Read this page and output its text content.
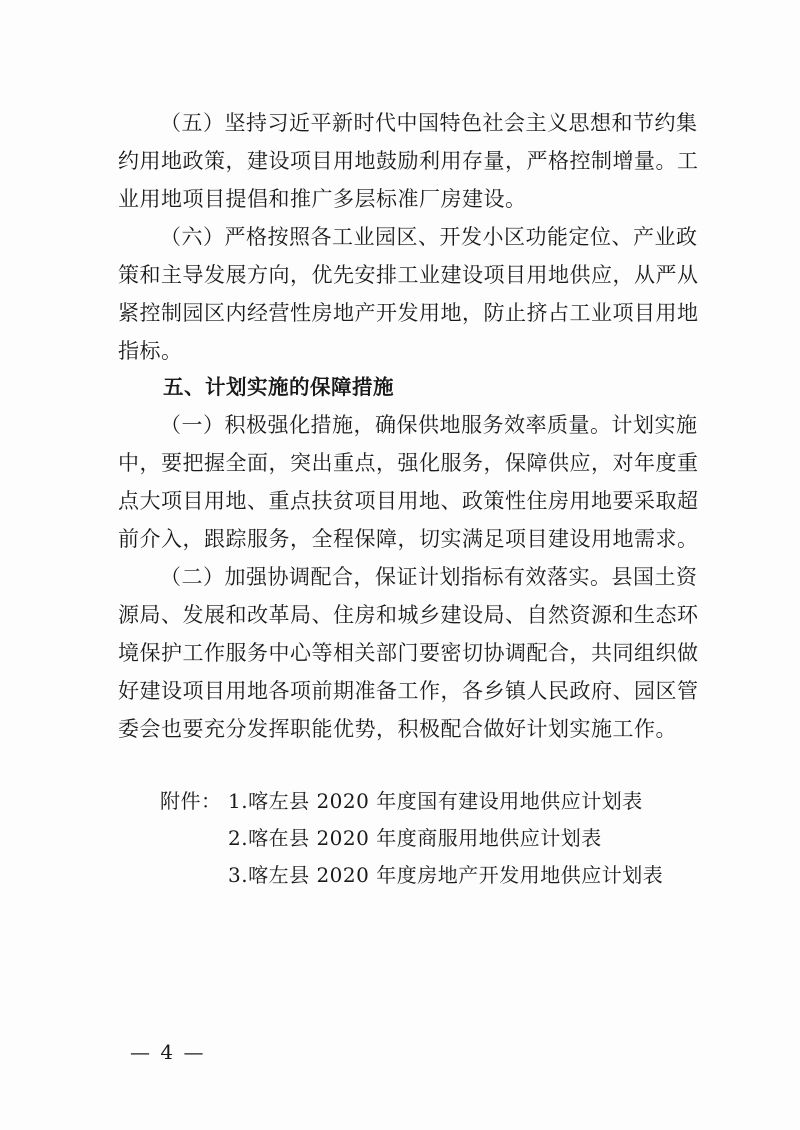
（五）坚持习近平新时代中国特色社会主义思想和节约集
约用地政策，建设项目用地鼓励利用存量，严格控制增量。工
业用地项目提倡和推广多层标准厂房建设。
（六）严格按照各工业园区、开发小区功能定位、产业政
策和主导发展方向，优先安排工业建设项目用地供应，从严从
紧控制园区内经营性房地产开发用地，防止挤占工业项目用地
指标。
五、计划实施的保障措施
（一）积极强化措施，确保供地服务效率质量。计划实施
中，要把握全面，突出重点，强化服务，保障供应，对年度重
点大项目用地、重点扶贫项目用地、政策性住房用地要采取超
前介入，跟踪服务，全程保障，切实满足项目建设用地需求。
（二）加强协调配合，保证计划指标有效落实。县国土资
源局、发展和改革局、住房和城乡建设局、自然资源和生态环
境保护工作服务中心等相关部门要密切协调配合，共同组织做
好建设项目用地各项前期准备工作，各乡镇人民政府、园区管
委会也要充分发挥职能优势，积极配合做好计划实施工作。
附件： 1.喀左县 2020 年度国有建设用地供应计划表
2.喀在县 2020 年度商服用地供应计划表
3.喀左县 2020 年度房地产开发用地供应计划表
— 4 —
